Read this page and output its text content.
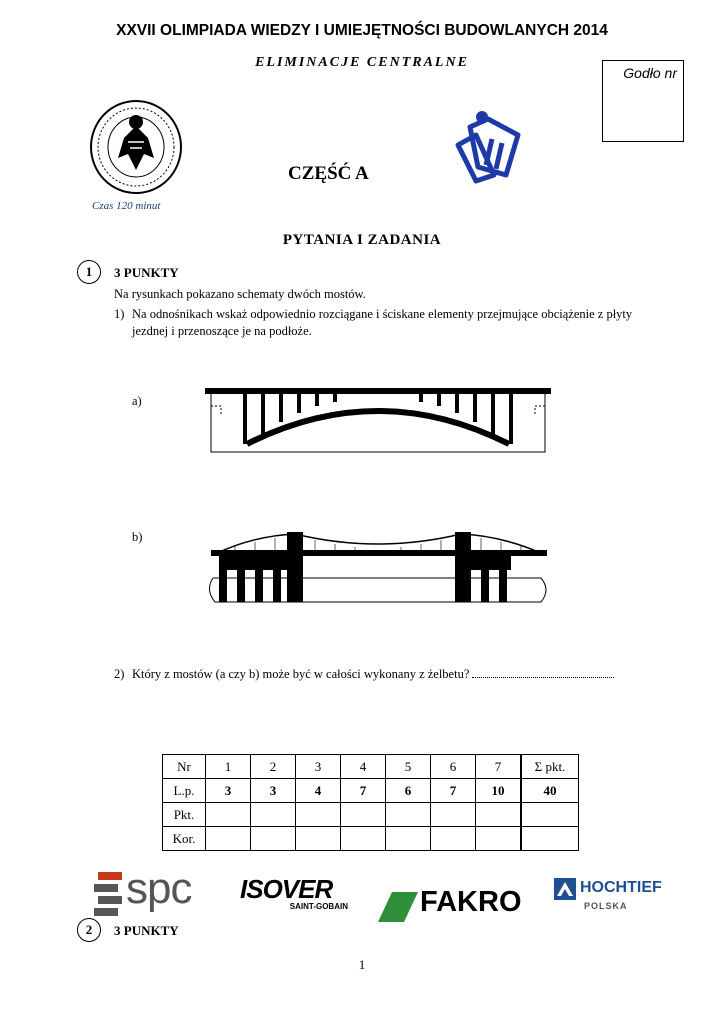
XXVII OLIMPIADA WIEDZY I UMIEJĘTNOŚCI BUDOWLANYCH 2014
ELIMINACJE CENTRALNE
Godło nr
CZĘŚĆ A
Czas 120 minut
PYTANIA I ZADANIA
1	3 PUNKTY
Na rysunkach pokazano schematy dwóch mostów.
1) Na odnośnikach wskaż odpowiednio rozciągane i ściskane elementy przejmujące obciążenie z płyty
jezdnej i przenoszące je na podłoże.
a)
b)
2) Który z mostów (a czy b) może być w całości wykonany z żelbetu?
Nr	1	2	3	4	5	6	7	Σ pkt.
L.p.	3	3	4	7	6	7	10	40
Pkt.								
Kor.								
spc ISOVER
SAINT-GOBAIN FAKRO	HOCHTIEF
POLSKA
2	3 PUNKTY
1
